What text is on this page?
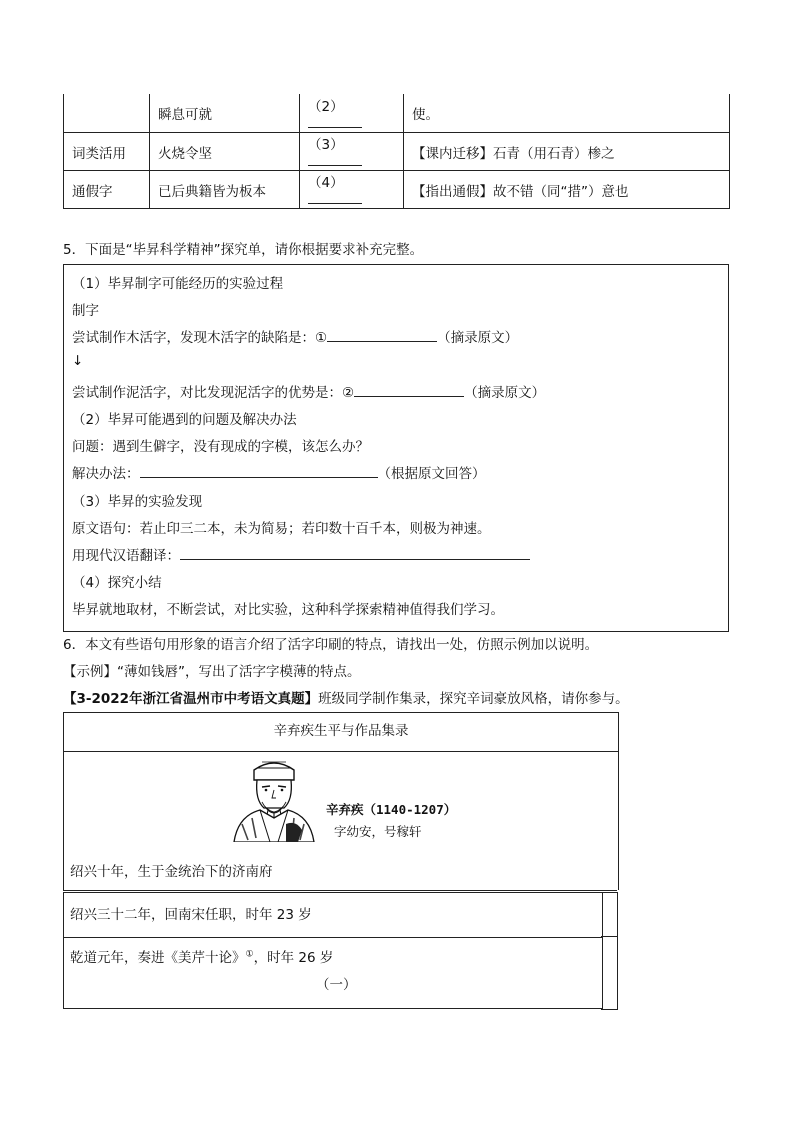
	瞬息可就	（2）	使。
词类活用	火烧令坚	（3）	【课内迁移】石青（用石青）椮之
通假字	已后典籍皆为板本	（4）	【指出通假】故不错（同“措”）意也
5．下面是“毕昇科学精神”探究单，请你根据要求补充完整。
（1）毕昇制字可能经历的实验过程
制字
尝试制作木活字，发现木活字的缺陷是：①	（摘录原文）
↓
尝试制作泥活字，对比发现泥活字的优势是：②	（摘录原文）
（2）毕昇可能遇到的问题及解决办法
问题：遇到生僻字，没有现成的字模，该怎么办？
解决办法：	（根据原文回答）
（3）毕昇的实验发现
原文语句：若止印三二本，未为简易；若印数十百千本，则极为神速。
用现代汉语翻译：
（4）探究小结
毕昇就地取材，不断尝试，对比实验，这种科学探索精神值得我们学习。
6．本文有些语句用形象的语言介绍了活字印刷的特点，请找出一处，仿照示例加以说明。
【示例】“薄如钱唇”，写出了活字字模薄的特点。
【3-2022年浙江省温州市中考语文真题】班级同学制作集录，探究辛词豪放风格，请你参与。
辛弃疾生平与作品集录
辛弃疾（1140-1207）
字幼安，号稼轩
绍兴十年，生于金统治下的济南府
绍兴三十二年，回南宋任职，时年 23 岁
乾道元年，奏进《美芹十论》①，时年 26 岁
（一）
